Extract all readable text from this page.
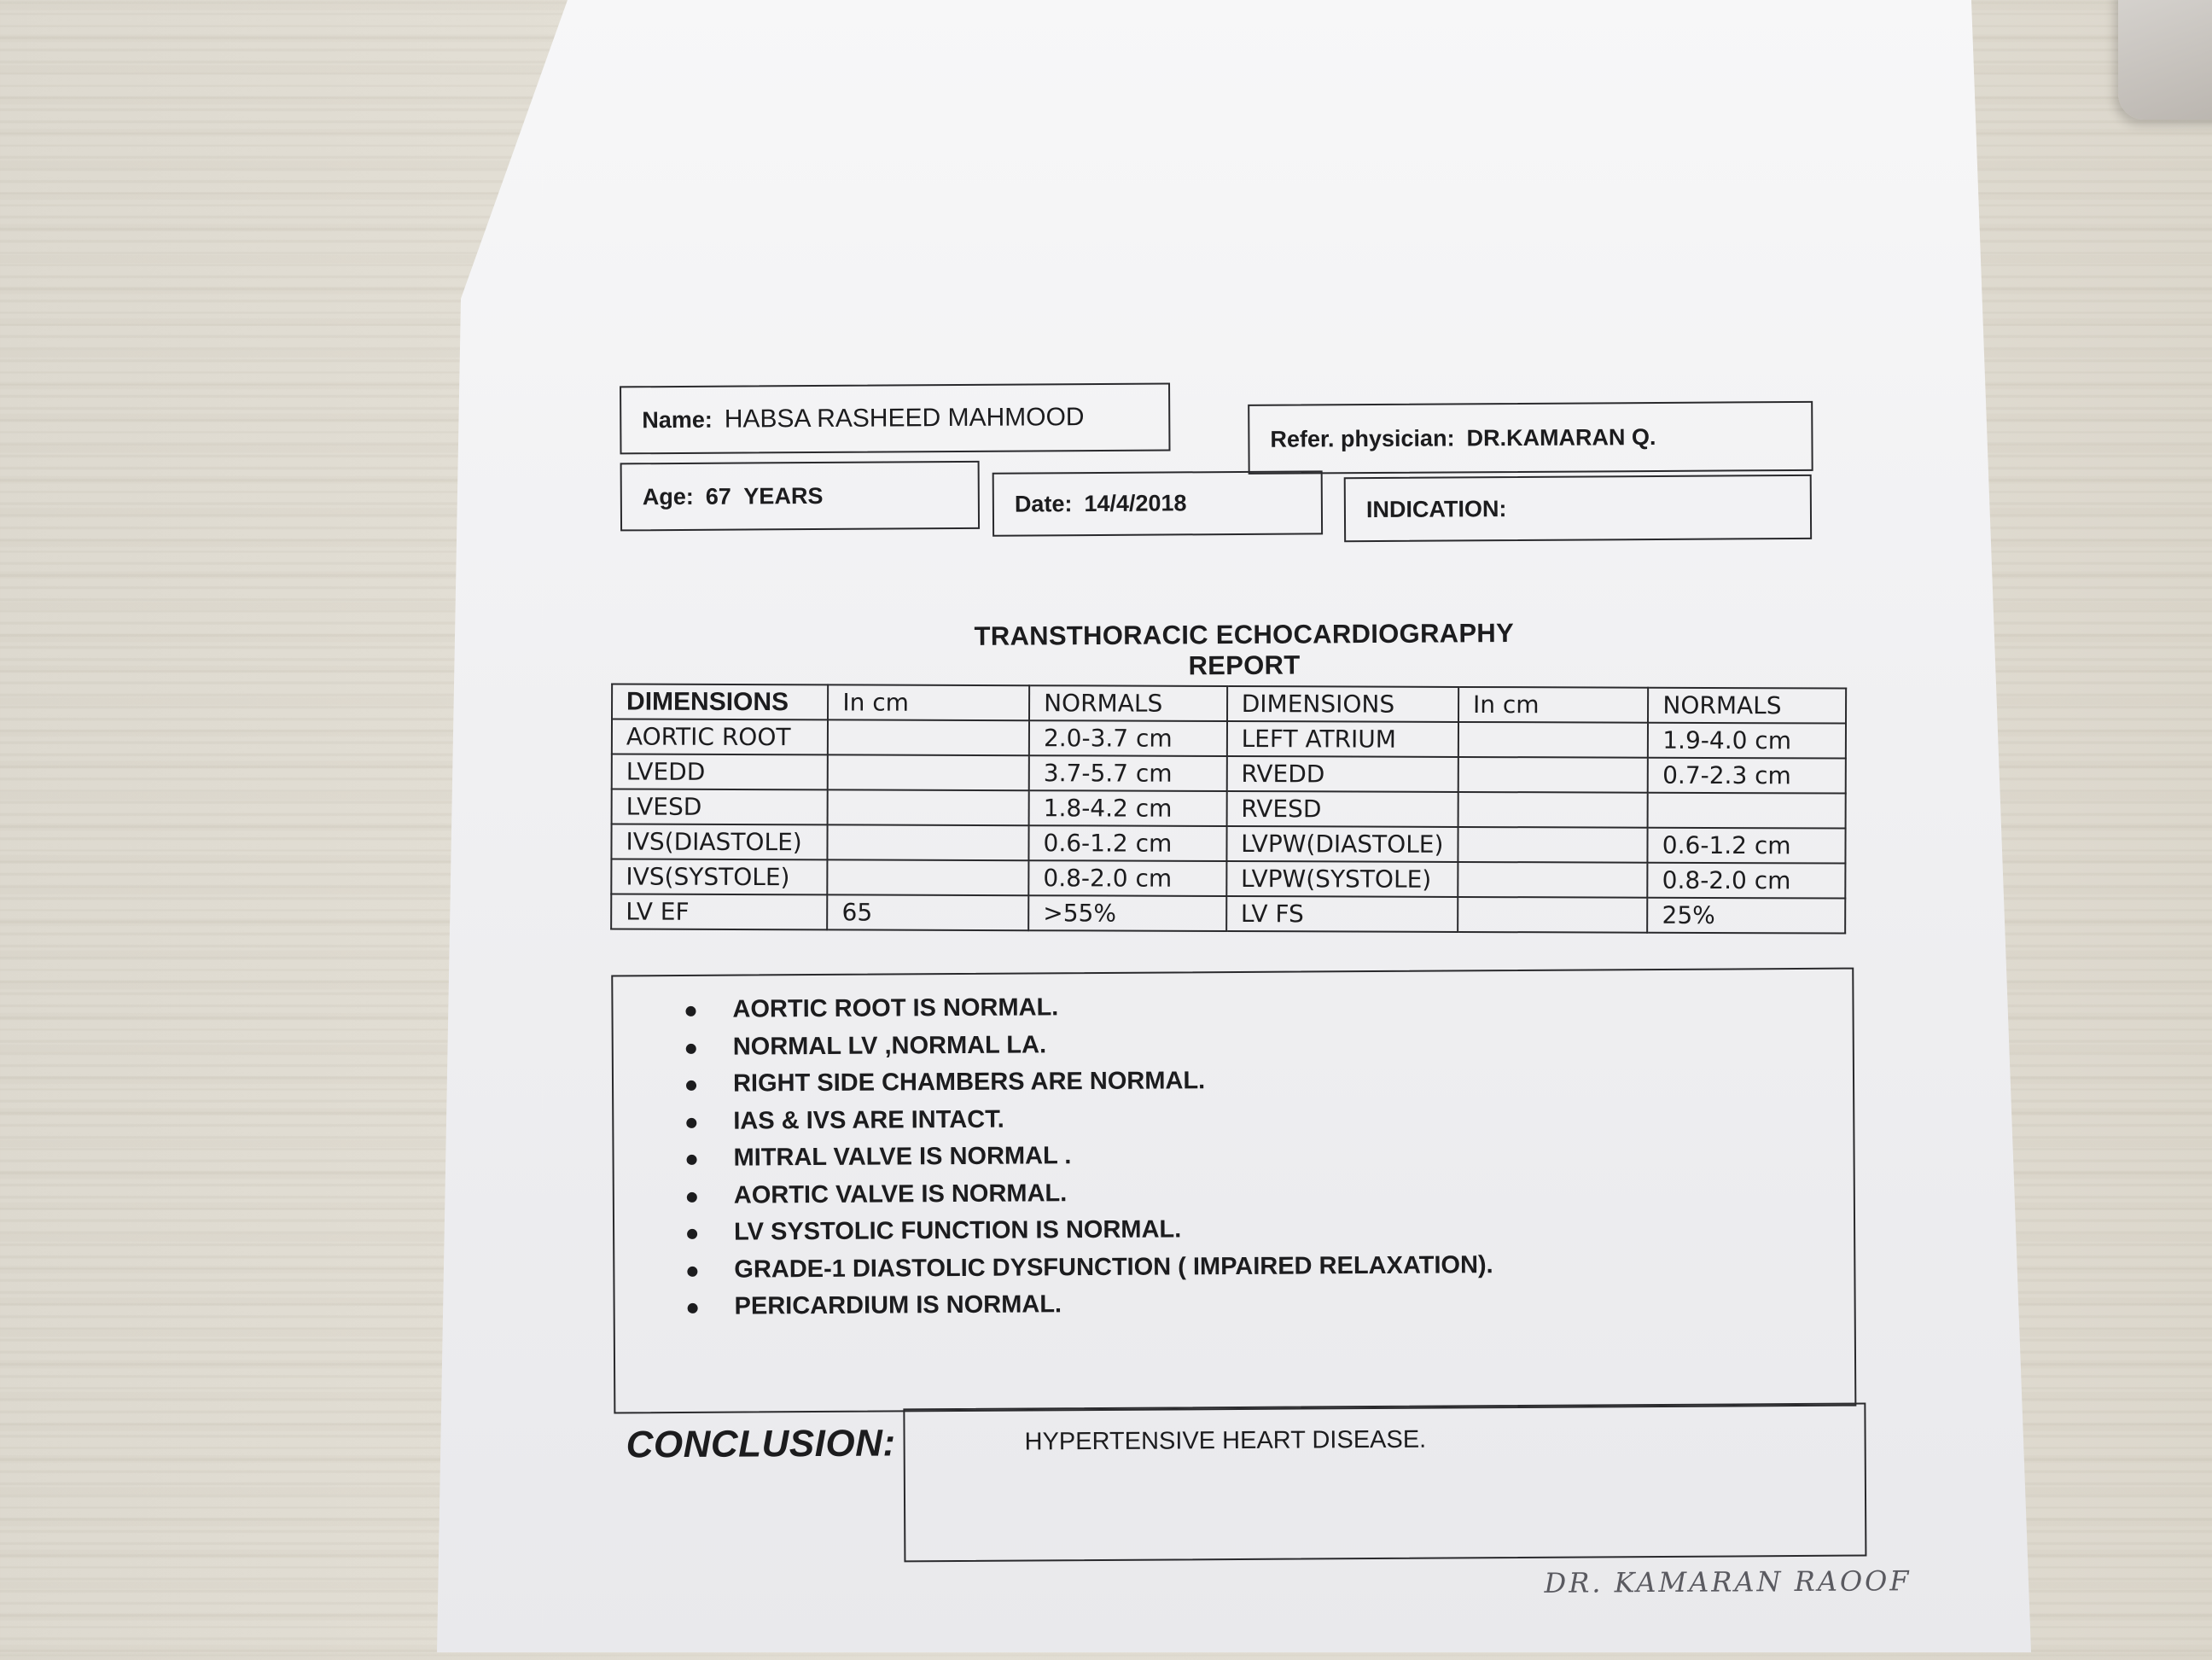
Name: HABSA RASHEED MAHMOOD
Refer. physician: DR.KAMARAN Q.
Age: 67  YEARS	Date: 14/4/2018	INDICATION:
TRANSTHORACIC ECHOCARDIOGRAPHY REPORT
DIMENSIONS	In cm	NORMALS	DIMENSIONS	In cm	NORMALS
AORTIC ROOT		2.0-3.7 cm	LEFT ATRIUM		1.9-4.0 cm
LVEDD		3.7-5.7 cm	RVEDD		0.7-2.3 cm
LVESD		1.8-4.2 cm	RVESD		
IVS(DIASTOLE)		0.6-1.2 cm	LVPW(DIASTOLE)		0.6-1.2 cm
IVS(SYSTOLE)		0.8-2.0 cm	LVPW(SYSTOLE)		0.8-2.0 cm
LV EF	65	>55%	LV FS		25%
AORTIC ROOT IS NORMAL.
NORMAL LV ,NORMAL LA.
RIGHT SIDE CHAMBERS ARE NORMAL.
IAS & IVS ARE INTACT.
MITRAL VALVE IS NORMAL .
AORTIC VALVE IS NORMAL.
LV SYSTOLIC FUNCTION IS NORMAL.
GRADE-1 DIASTOLIC DYSFUNCTION ( IMPAIRED RELAXATION).
PERICARDIUM IS NORMAL.
CONCLUSION:	HYPERTENSIVE HEART DISEASE.
DR. KAMARAN RAOOF
